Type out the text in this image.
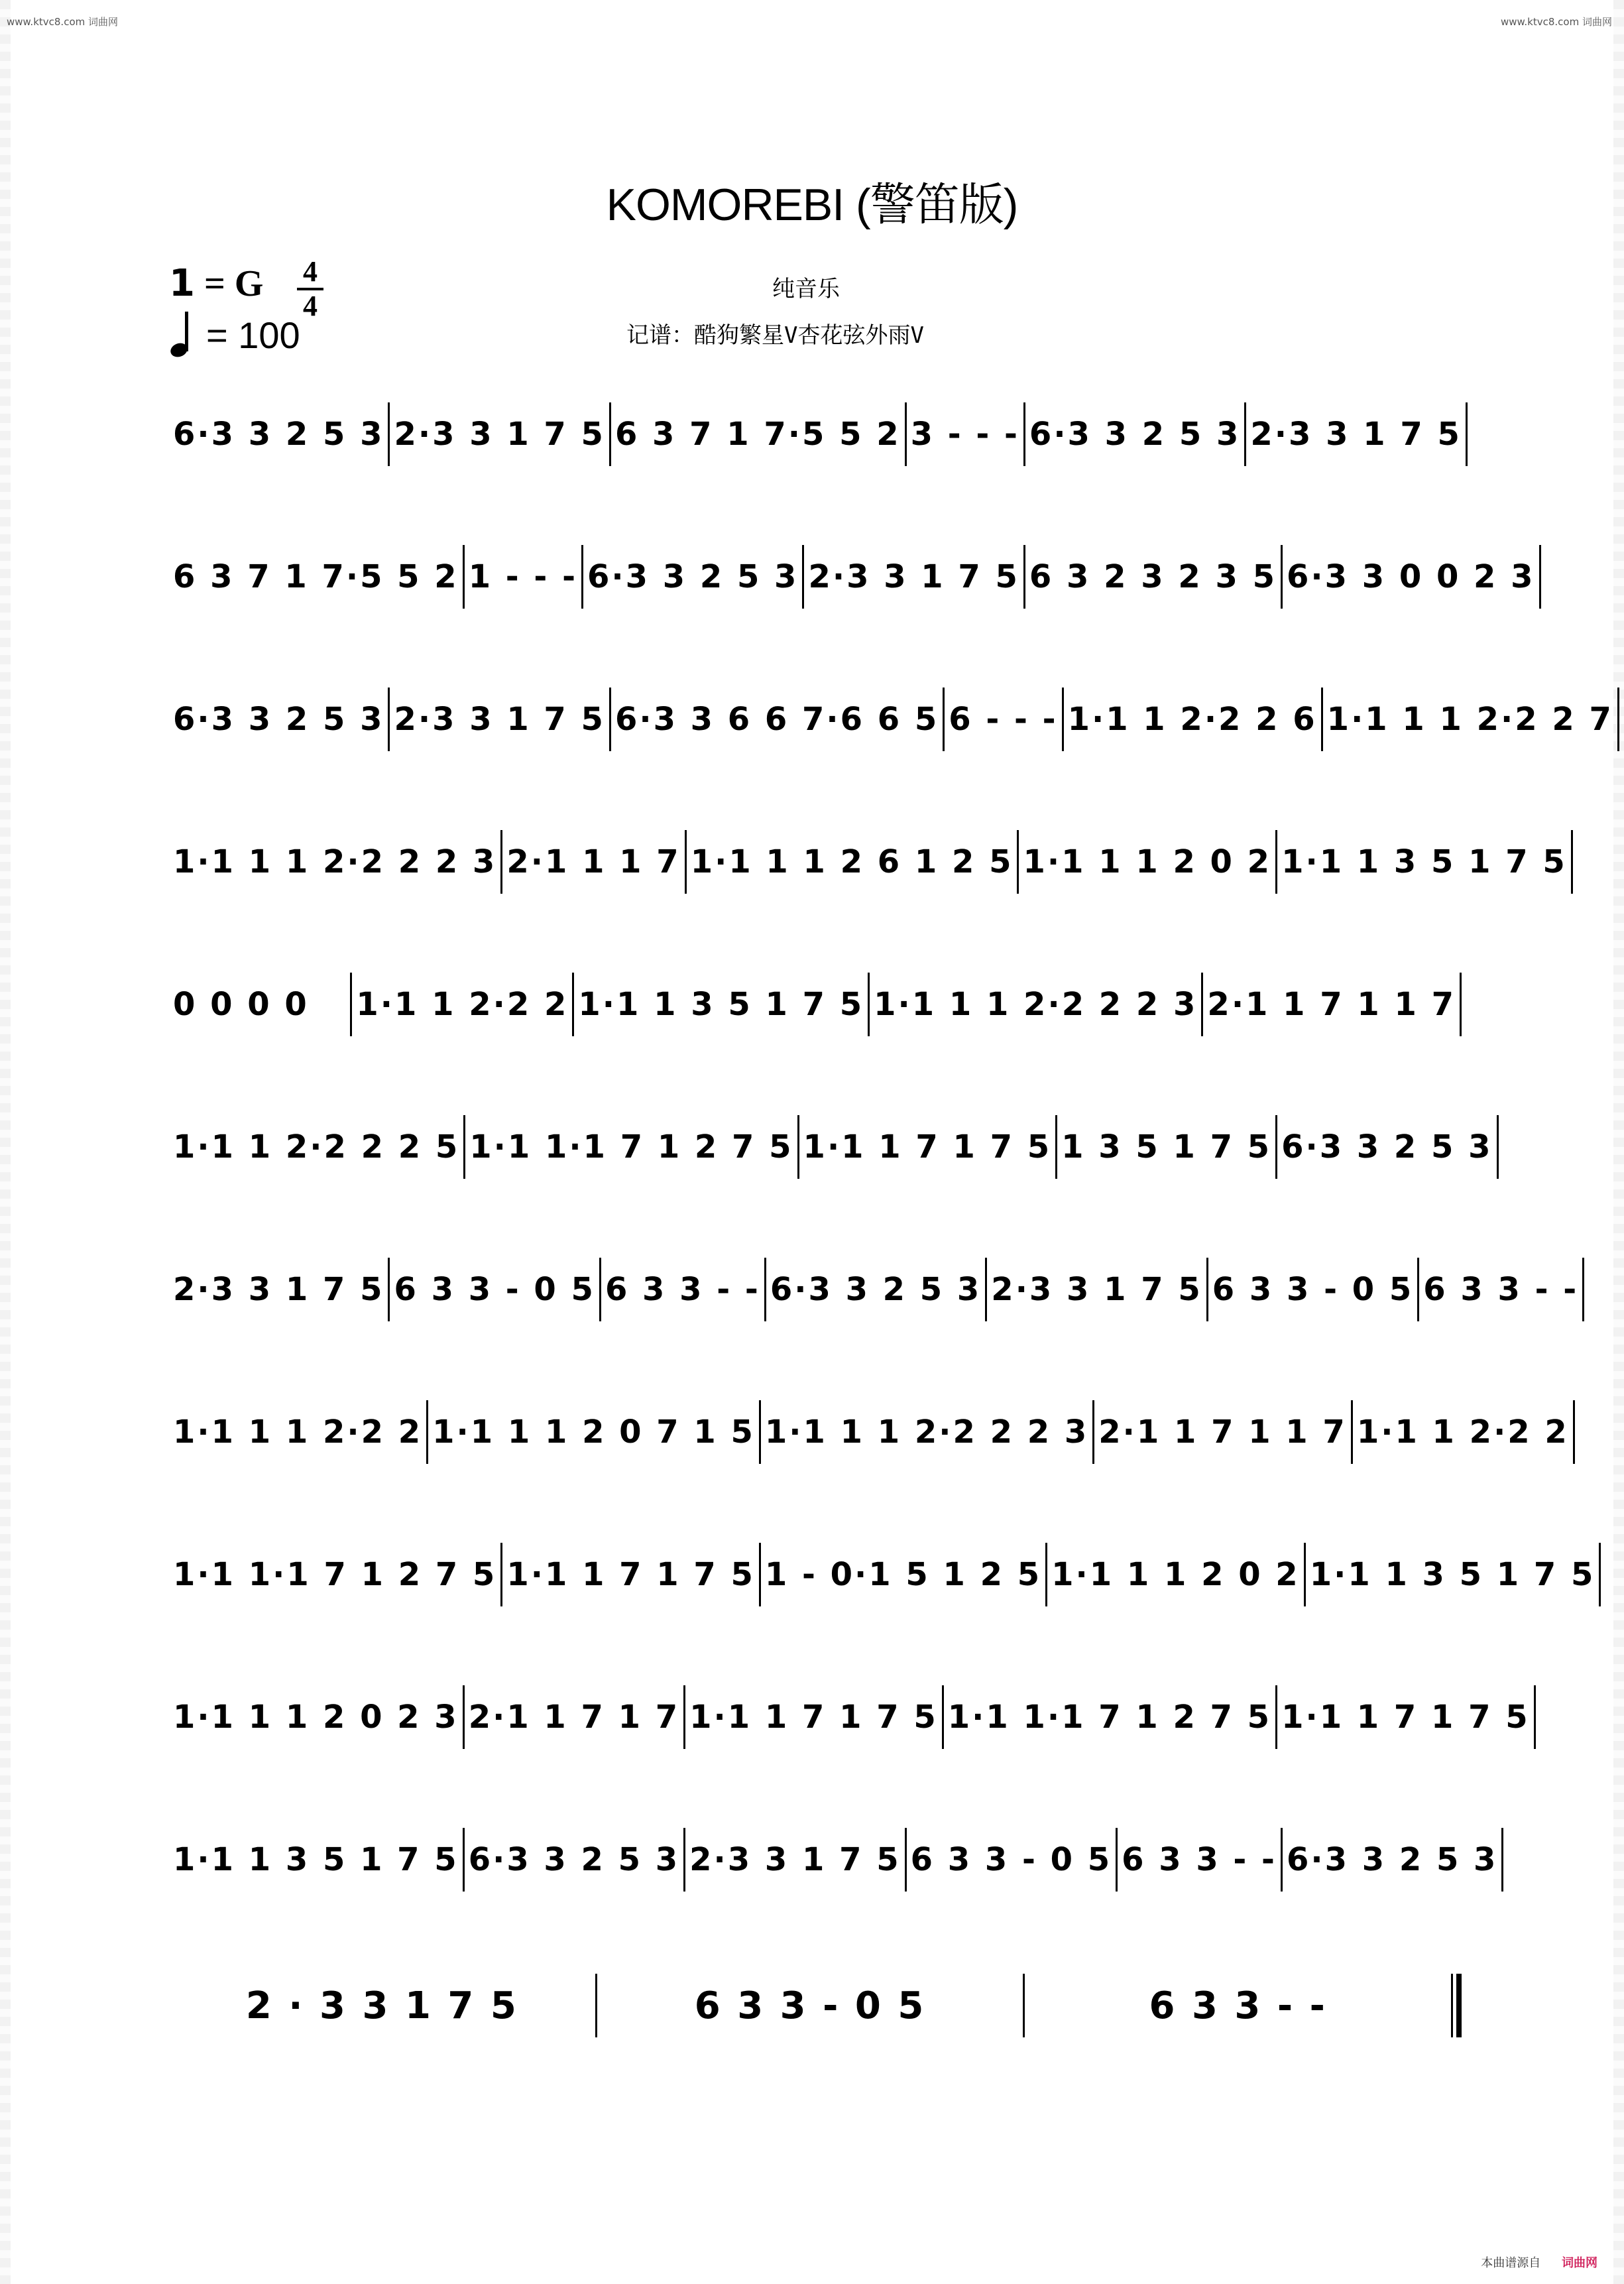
www.ktvc8.com 词曲网	www.ktvc8.com 词曲网
KOMOREBI (警笛版)
1 = G 4
4
= 100
纯音乐
记谱：酷狗繁星V杏花弦外雨V
6·3 3 2 5 3 2·3 3 1 7 5 6 3 7 1 7·5 5 2 3 - - - 6·3 3 2 5 3 2·3 3 1 7 5
6 3 7 1 7·5 5 2 1 - - - 6·3 3 2 5 3 2·3 3 1 7 5 6 3 2 3 2 3 5 6·3 3 0 0 2 3
6·3 3 2 5 3 2·3 3 1 7 5 6·3 3 6 6 7·6 6 5 6 - - - 1·1 1 2·2 2 6 1·1 1 1 2·2 2 7
1·1 1 1 2·2 2 2 3 2·1 1 1 7 1·1 1 1 2 6 1 2 5 1·1 1 1 2 0 2 1·1 1 3 5 1 7 5
0 0 0 0	1·1 1 2·2 2 1·1 1 3 5 1 7 5 1·1 1 1 2·2 2 2 3 2·1 1 7 1 1 7
1·1 1 2·2 2 2 5 1·1 1·1 7 1 2 7 5 1·1 1 7 1 7 5 1 3 5 1 7 5 6·3 3 2 5 3
2·3 3 1 7 5 6 3 3 - 0 5 6 3 3 - - 6·3 3 2 5 3 2·3 3 1 7 5 6 3 3 - 0 5 6 3 3 - -
1·1 1 1 2·2 2 1·1 1 1 2 0 7 1 5 1·1 1 1 2·2 2 2 3 2·1 1 7 1 1 7 1·1 1 2·2 2
1·1 1·1 7 1 2 7 5 1·1 1 7 1 7 5 1 - 0·1 5 1 2 5 1·1 1 1 2 0 2 1·1 1 3 5 1 7 5
1·1 1 1 2 0 2 3 2·1 1 7 1 7 1·1 1 7 1 7 5 1·1 1·1 7 1 2 7 5 1·1 1 7 1 7 5
1·1 1 3 5 1 7 5 6·3 3 2 5 3 2·3 3 1 7 5 6 3 3 - 0 5 6 3 3 - - 6·3 3 2 5 3
2 · 3 3 1 7 5	6 3 3 - 0 5	6 3 3 - -
本曲谱源自 词曲网
